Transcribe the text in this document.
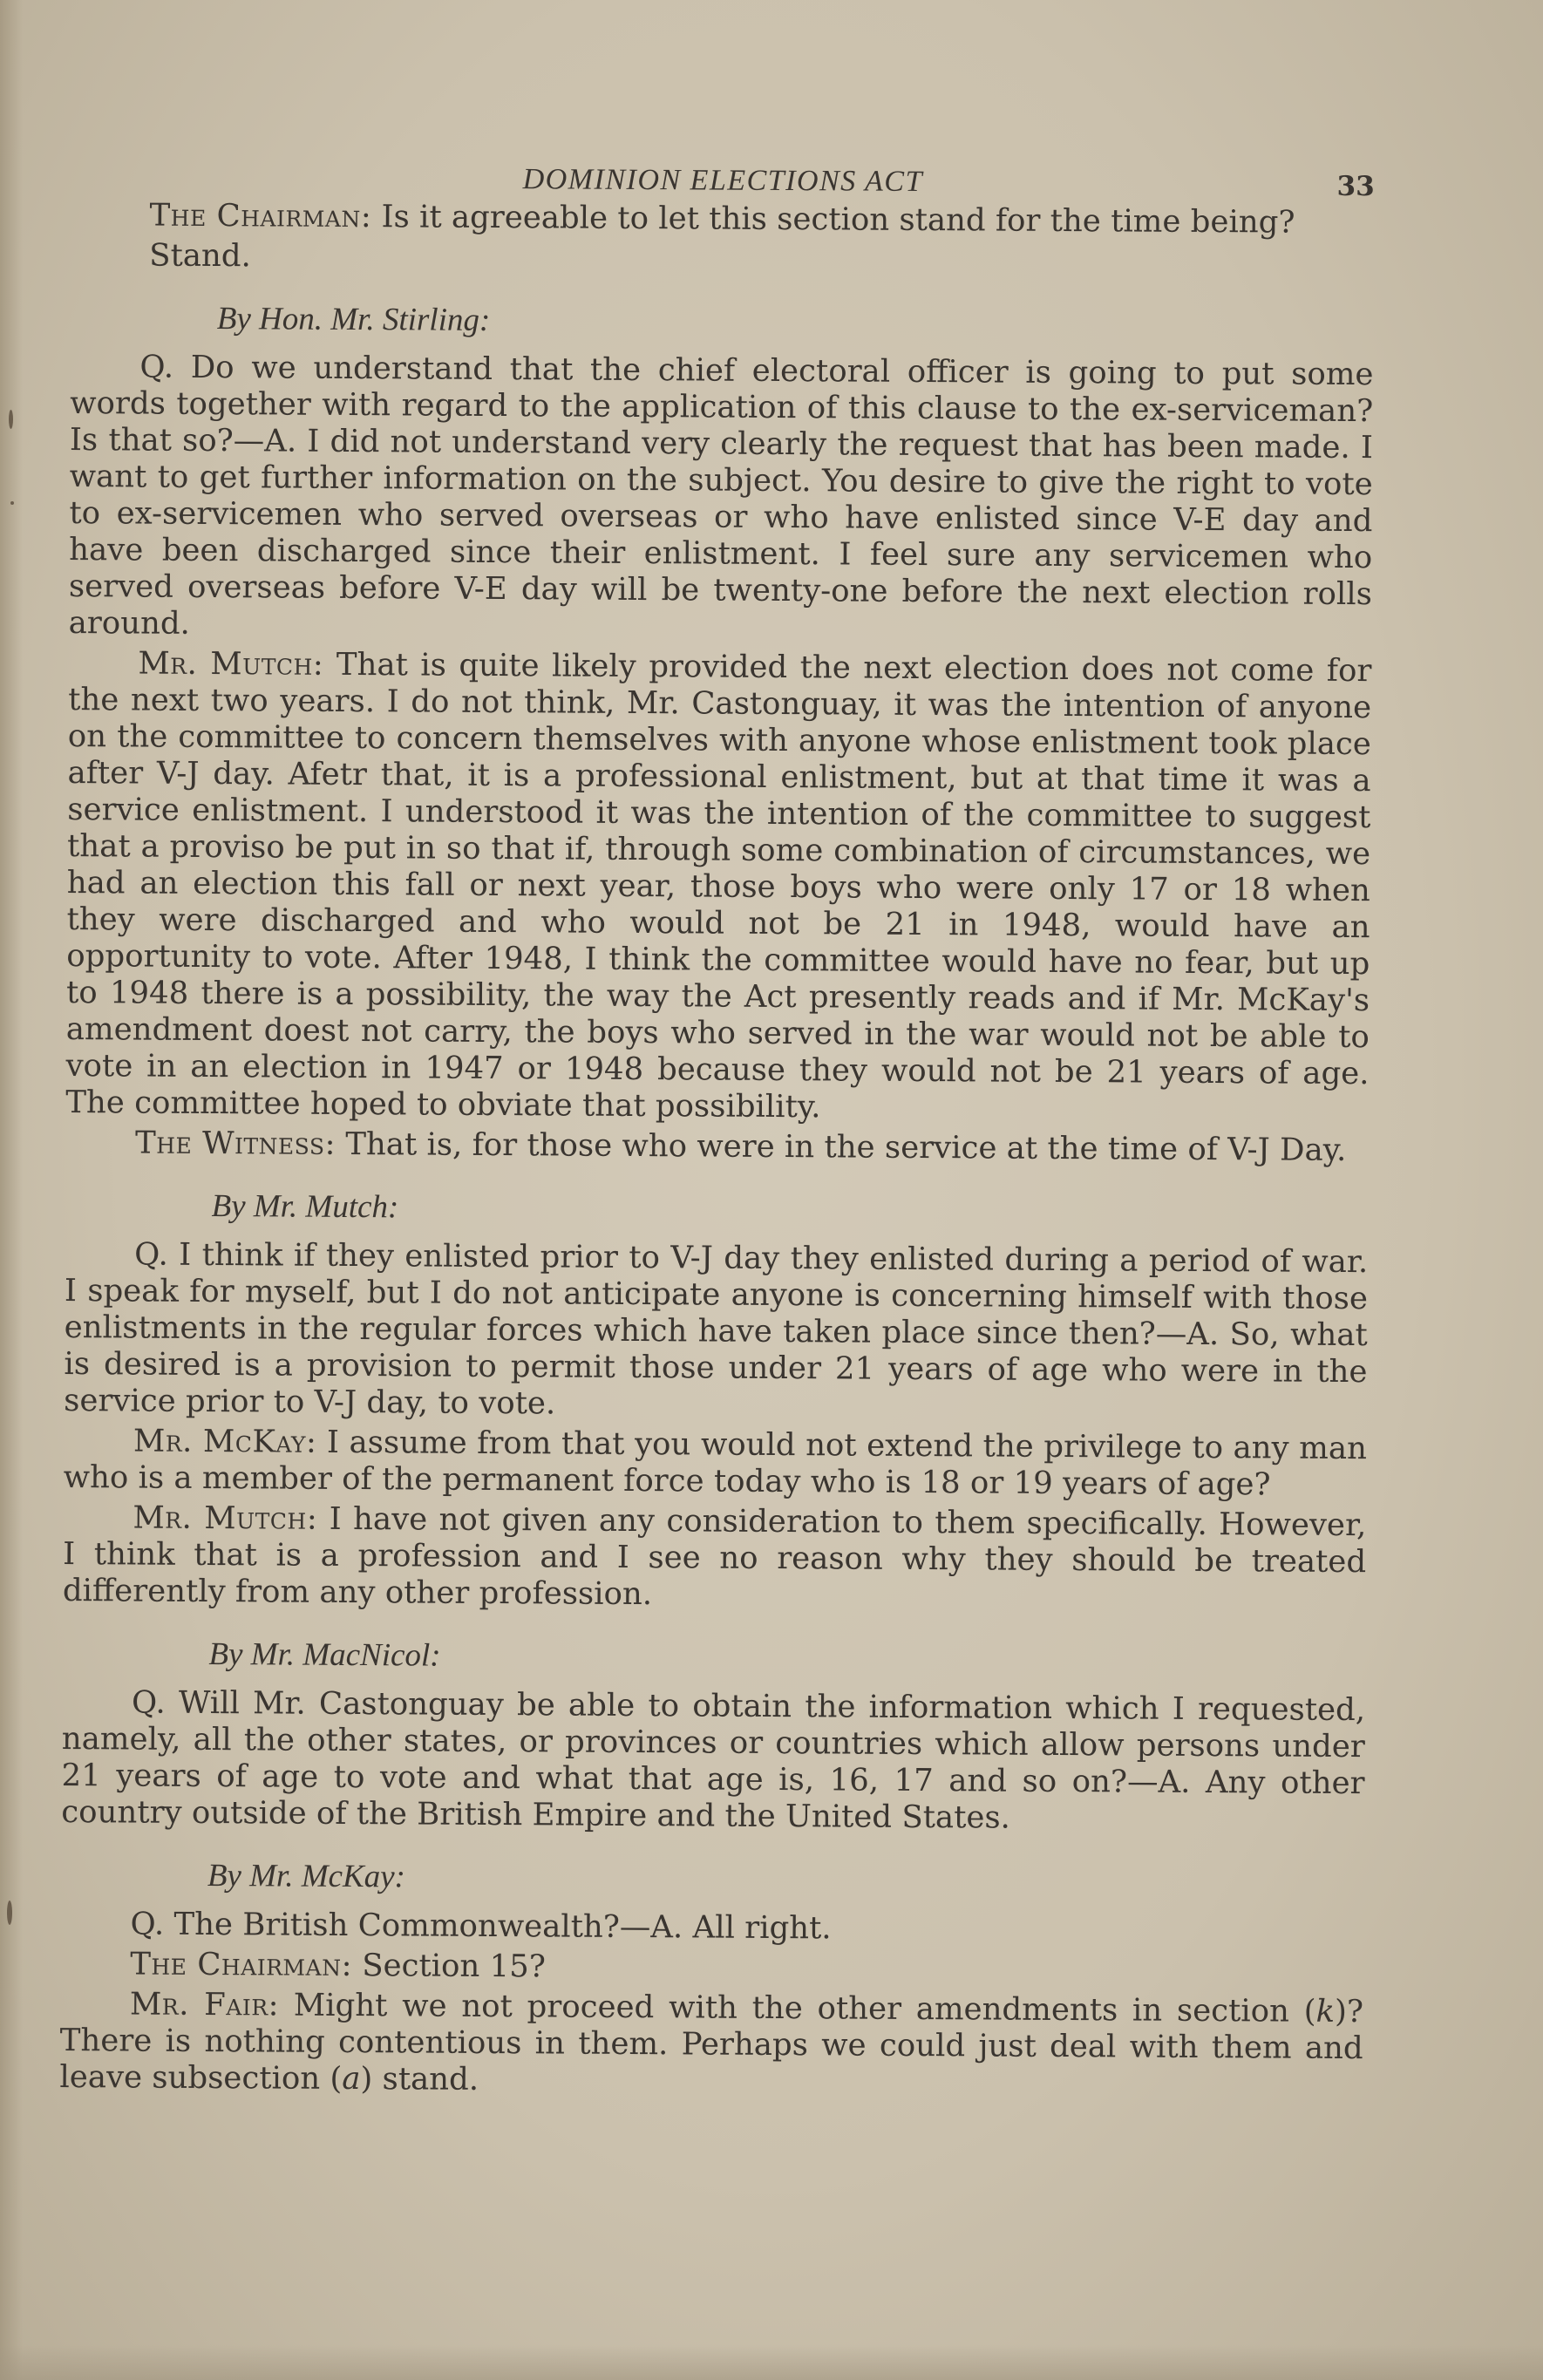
DOMINION ELECTIONS ACT	33

The Chairman: Is it agreeable to let this section stand for the time being?

Stand.

By Hon. Mr. Stirling:

Q. Do we understand that the chief electoral officer is going to put some words together with regard to the application of this clause to the ex-serviceman? Is that so?—A. I did not understand very clearly the request that has been made. I want to get further information on the subject. You desire to give the right to vote to ex-servicemen who served overseas or who have enlisted since V-E day and have been discharged since their enlistment. I feel sure any servicemen who served overseas before V-E day will be twenty-one before the next election rolls around.

Mr. Mutch: That is quite likely provided the next election does not come for the next two years. I do not think, Mr. Castonguay, it was the intention of anyone on the committee to concern themselves with anyone whose enlistment took place after V-J day. Afetr that, it is a professional enlistment, but at that time it was a service enlistment. I understood it was the intention of the committee to suggest that a proviso be put in so that if, through some combination of circumstances, we had an election this fall or next year, those boys who were only 17 or 18 when they were discharged and who would not be 21 in 1948, would have an opportunity to vote. After 1948, I think the committee would have no fear, but up to 1948 there is a possibility, the way the Act presently reads and if Mr. McKay's amendment doest not carry, the boys who served in the war would not be able to vote in an election in 1947 or 1948 because they would not be 21 years of age. The committee hoped to obviate that possibility.

The Witness: That is, for those who were in the service at the time of V-J Day.

By Mr. Mutch:

Q. I think if they enlisted prior to V-J day they enlisted during a period of war. I speak for myself, but I do not anticipate anyone is concerning himself with those enlistments in the regular forces which have taken place since then?—A. So, what is desired is a provision to permit those under 21 years of age who were in the service prior to V-J day, to vote.

Mr. McKay: I assume from that you would not extend the privilege to any man who is a member of the permanent force today who is 18 or 19 years of age?

Mr. Mutch: I have not given any consideration to them specifically. However, I think that is a profession and I see no reason why they should be treated differently from any other profession.

By Mr. MacNicol:

Q. Will Mr. Castonguay be able to obtain the information which I requested, namely, all the other states, or provinces or countries which allow persons under 21 years of age to vote and what that age is, 16, 17 and so on?—A. Any other country outside of the British Empire and the United States.

By Mr. McKay:

Q. The British Commonwealth?—A. All right.

The Chairman: Section 15?

Mr. Fair: Might we not proceed with the other amendments in section (k)? There is nothing contentious in them. Perhaps we could just deal with them and leave subsection (a) stand.
